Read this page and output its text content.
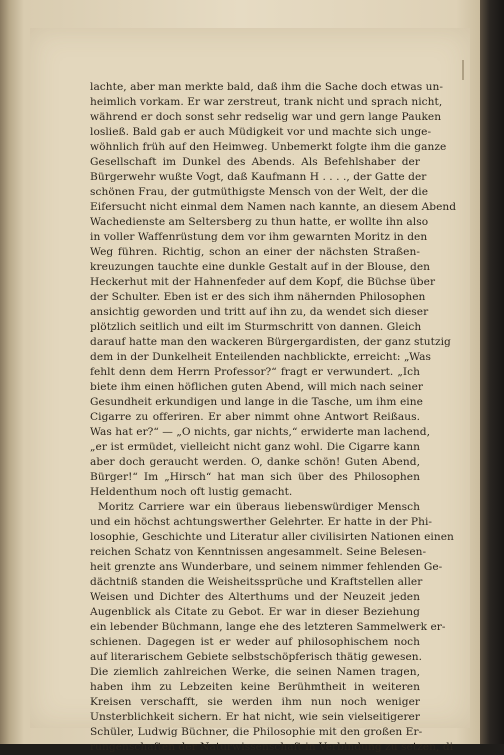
lachte, aber man merkte bald, daß ihm die Sache doch etwas un-
heimlich vorkam. Er war zerstreut, trank nicht und sprach nicht,
während er doch sonst sehr redselig war und gern lange Pauken
losließ. Bald gab er auch Müdigkeit vor und machte sich unge-
wöhnlich früh auf den Heimweg. Unbemerkt folgte ihm die ganze
Gesellschaft im Dunkel des Abends. Als Befehlshaber der
Bürgerwehr wußte Vogt, daß Kaufmann H . . . ., der Gatte der
schönen Frau, der gutmüthigste Mensch von der Welt, der die
Eifersucht nicht einmal dem Namen nach kannte, an diesem Abend
Wachedienste am Seltersberg zu thun hatte, er wollte ihn also
in voller Waffenrüstung dem vor ihm gewarnten Moritz in den
Weg führen. Richtig, schon an einer der nächsten Straßen-
kreuzungen tauchte eine dunkle Gestalt auf in der Blouse, den
Heckerhut mit der Hahnenfeder auf dem Kopf, die Büchse über
der Schulter. Eben ist er des sich ihm nähernden Philosophen
ansichtig geworden und tritt auf ihn zu, da wendet sich dieser
plötzlich seitlich und eilt im Sturmschritt von dannen. Gleich
darauf hatte man den wackeren Bürgergardisten, der ganz stutzig
dem in der Dunkelheit Enteilenden nachblickte, erreicht: „Was
fehlt denn dem Herrn Professor?“ fragt er verwundert. „Ich
biete ihm einen höflichen guten Abend, will mich nach seiner
Gesundheit erkundigen und lange in die Tasche, um ihm eine
Cigarre zu offeriren. Er aber nimmt ohne Antwort Reißaus.
Was hat er?“ — „O nichts, gar nichts,“ erwiderte man lachend,
„er ist ermüdet, vielleicht nicht ganz wohl. Die Cigarre kann
aber doch geraucht werden. O, danke schön! Guten Abend,
Bürger!“ Im „Hirsch“ hat man sich über des Philosophen
Heldenthum noch oft lustig gemacht.
Moritz Carriere war ein überaus liebenswürdiger Mensch
und ein höchst achtungswerther Gelehrter. Er hatte in der Phi-
losophie, Geschichte und Literatur aller civilisirten Nationen einen
reichen Schatz von Kenntnissen angesammelt. Seine Belesen-
heit grenzte ans Wunderbare, und seinem nimmer fehlenden Ge-
dächtniß standen die Weisheitssprüche und Kraftstellen aller
Weisen und Dichter des Alterthums und der Neuzeit jeden
Augenblick als Citate zu Gebot. Er war in dieser Beziehung
ein lebender Büchmann, lange ehe des letzteren Sammelwerk er-
schienen. Dagegen ist er weder auf philosophischem noch
auf literarischem Gebiete selbstschöpferisch thätig gewesen.
Die ziemlich zahlreichen Werke, die seinen Namen tragen,
haben ihm zu Lebzeiten keine Berühmtheit in weiteren
Kreisen verschafft, sie werden ihm nun noch weniger
Unsterblichkeit sichern. Er hat nicht, wie sein vielseitigerer
Schüler, Ludwig Büchner, die Philosophie mit den großen Er-
rungenschaften der Naturwissenschaft in Verbindung zu setzen, di
